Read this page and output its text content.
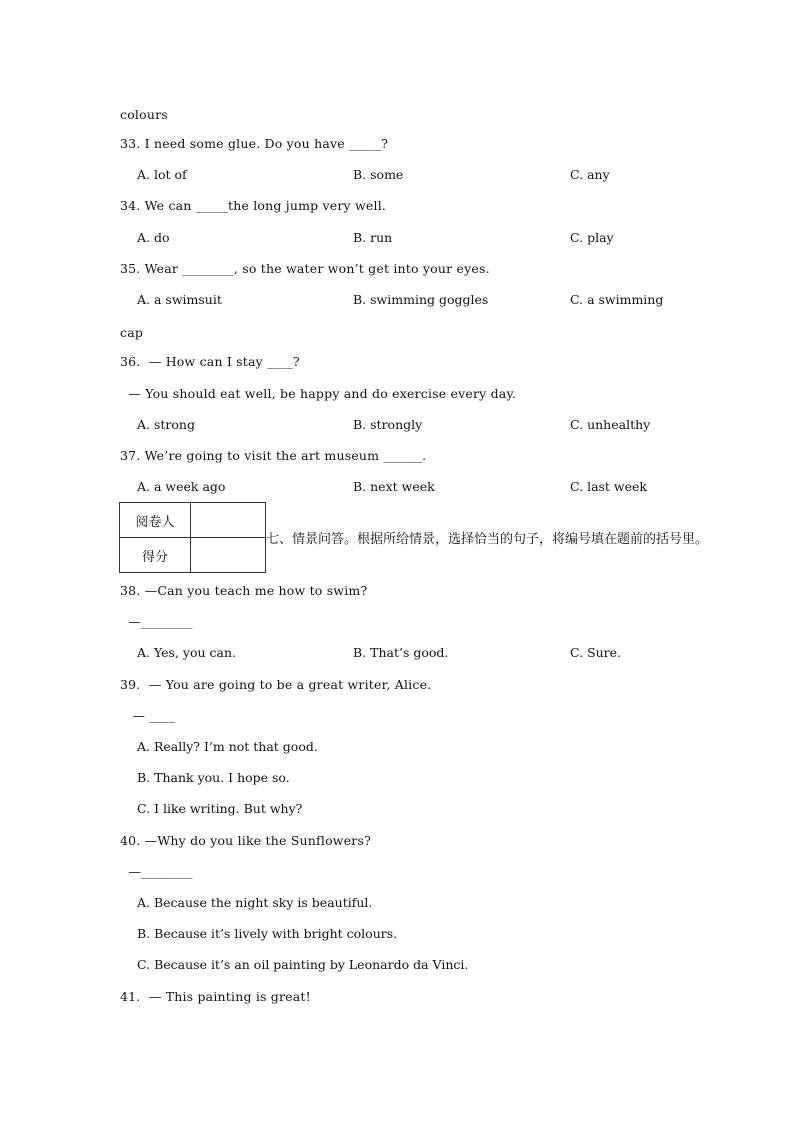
colours
33. I need some glue. Do you have _____?
A. lot of	B. some	C. any
34. We can _____the long jump very well.
A. do	B. run	C. play
35. Wear ________, so the water won’t get into your eyes.
A. a swimsuit	B. swimming goggles	C. a swimming
cap
36.  — How can I stay ____?
— You should eat well, be happy and do exercise every day.
A. strong	B. strongly	C. unhealthy
37. We’re going to visit the art museum ______.
A. a week ago	B. next week	C. last week
阅卷人	
得分	
七、情景问答。根据所给情景，选择恰当的句子，将编号填在题前的括号里。
38. —Can you teach me how to swim?
—________
A. Yes, you can.	B. That’s good.	C. Sure.
39.  — You are going to be a great writer, Alice.
— ____
A. Really? I’m not that good.
B. Thank you. I hope so.
C. I like writing. But why?
40. —Why do you like the Sunflowers?
—________
A. Because the night sky is beautiful.
B. Because it’s lively with bright colours.
C. Because it’s an oil painting by Leonardo da Vinci.
41.  — This painting is great!
